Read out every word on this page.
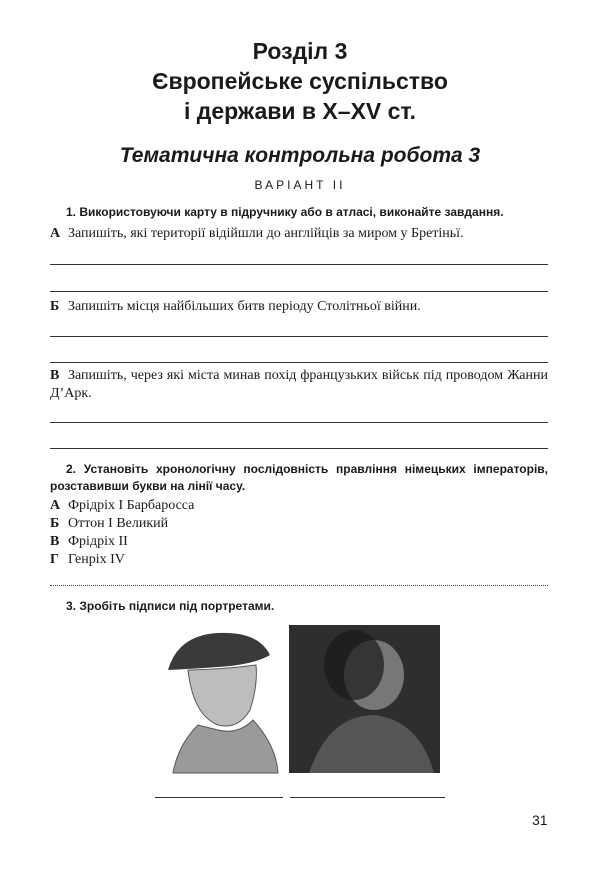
Розділ 3
Європейське суспільство
і держави в X–XV ст.
Тематична контрольна робота 3
ВАРІАНТ ІІ
1. Використовуючи карту в підручнику або в атласі, виконайте завдання.
А Запишіть, які території відійшли до англійців за миром у Бретіньї.
Б Запишіть місця найбільших битв періоду Столітньої війни.
В Запишіть, через які міста минав похід французьких військ під проводом Жанни Д’Арк.
2. Установіть хронологічну послідовність правління німецьких імператорів, розставивши букви на лінії часу.
А Фрідріх І Барбаросса
Б Оттон І Великий
В Фрідріх ІІ
Г Генріх IV
3. Зробіть підписи під портретами.
31
